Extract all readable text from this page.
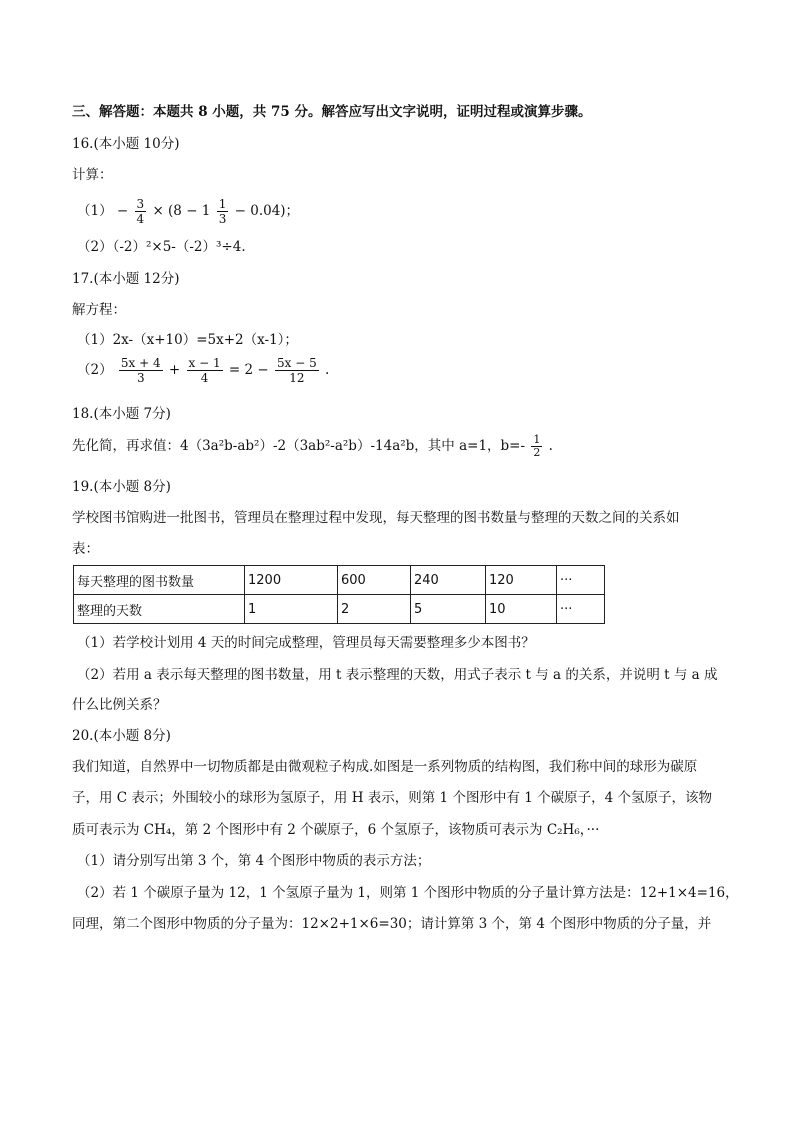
三、解答题：本题共 8 小题，共 75 分。解答应写出文字说明，证明过程或演算步骤。
16.(本小题 10分)
计算：
$(1) - \frac{3}{4} \times (8 - 1 \frac{1}{3} - 0.04)$；
（2）（-2）²×5-（-2）³÷4.
17.(本小题 12分)
解方程：
（1）2x-（x+10）=5x+2（x-1）；
$(2) \frac{5x + 4}{3} + \frac{x - 1}{4} = 2 - \frac{5x - 5}{12}$ .
18.(本小题 7分)
先化简，再求值：4（3a²b-ab²）-2（3ab²-a²b）-14a²b，其中 a=1，$b=- \frac{1}{2}$ .
19.(本小题 8分)
学校图书馆购进一批图书，管理员在整理过程中发现，每天整理的图书数量与整理的天数之间的关系如
表：
每天整理的图书数量	1200	600	240	120	···
整理的天数	1	2	5	10	···
（1）若学校计划用 4 天的时间完成整理，管理员每天需要整理多少本图书？
（2）若用 a 表示每天整理的图书数量，用 t 表示整理的天数，用式子表示 t 与 a 的关系，并说明 t 与 a 成
什么比例关系？
20.(本小题 8分)
我们知道，自然界中一切物质都是由微观粒子构成.如图是一系列物质的结构图，我们称中间的球形为碳原
子，用 C 表示；外围较小的球形为氢原子，用 H 表示，则第 1 个图形中有 1 个碳原子，4 个氢原子，该物
质可表示为 CH₄，第 2 个图形中有 2 个碳原子，6 个氢原子，该物质可表示为 C₂H₆，···
（1）请分别写出第 3 个，第 4 个图形中物质的表示方法；
（2）若 1 个碳原子量为 12，1 个氢原子量为 1，则第 1 个图形中物质的分子量计算方法是：12+1×4=16，
同理，第二个图形中物质的分子量为：12×2+1×6=30；请计算第 3 个，第 4 个图形中物质的分子量，并
